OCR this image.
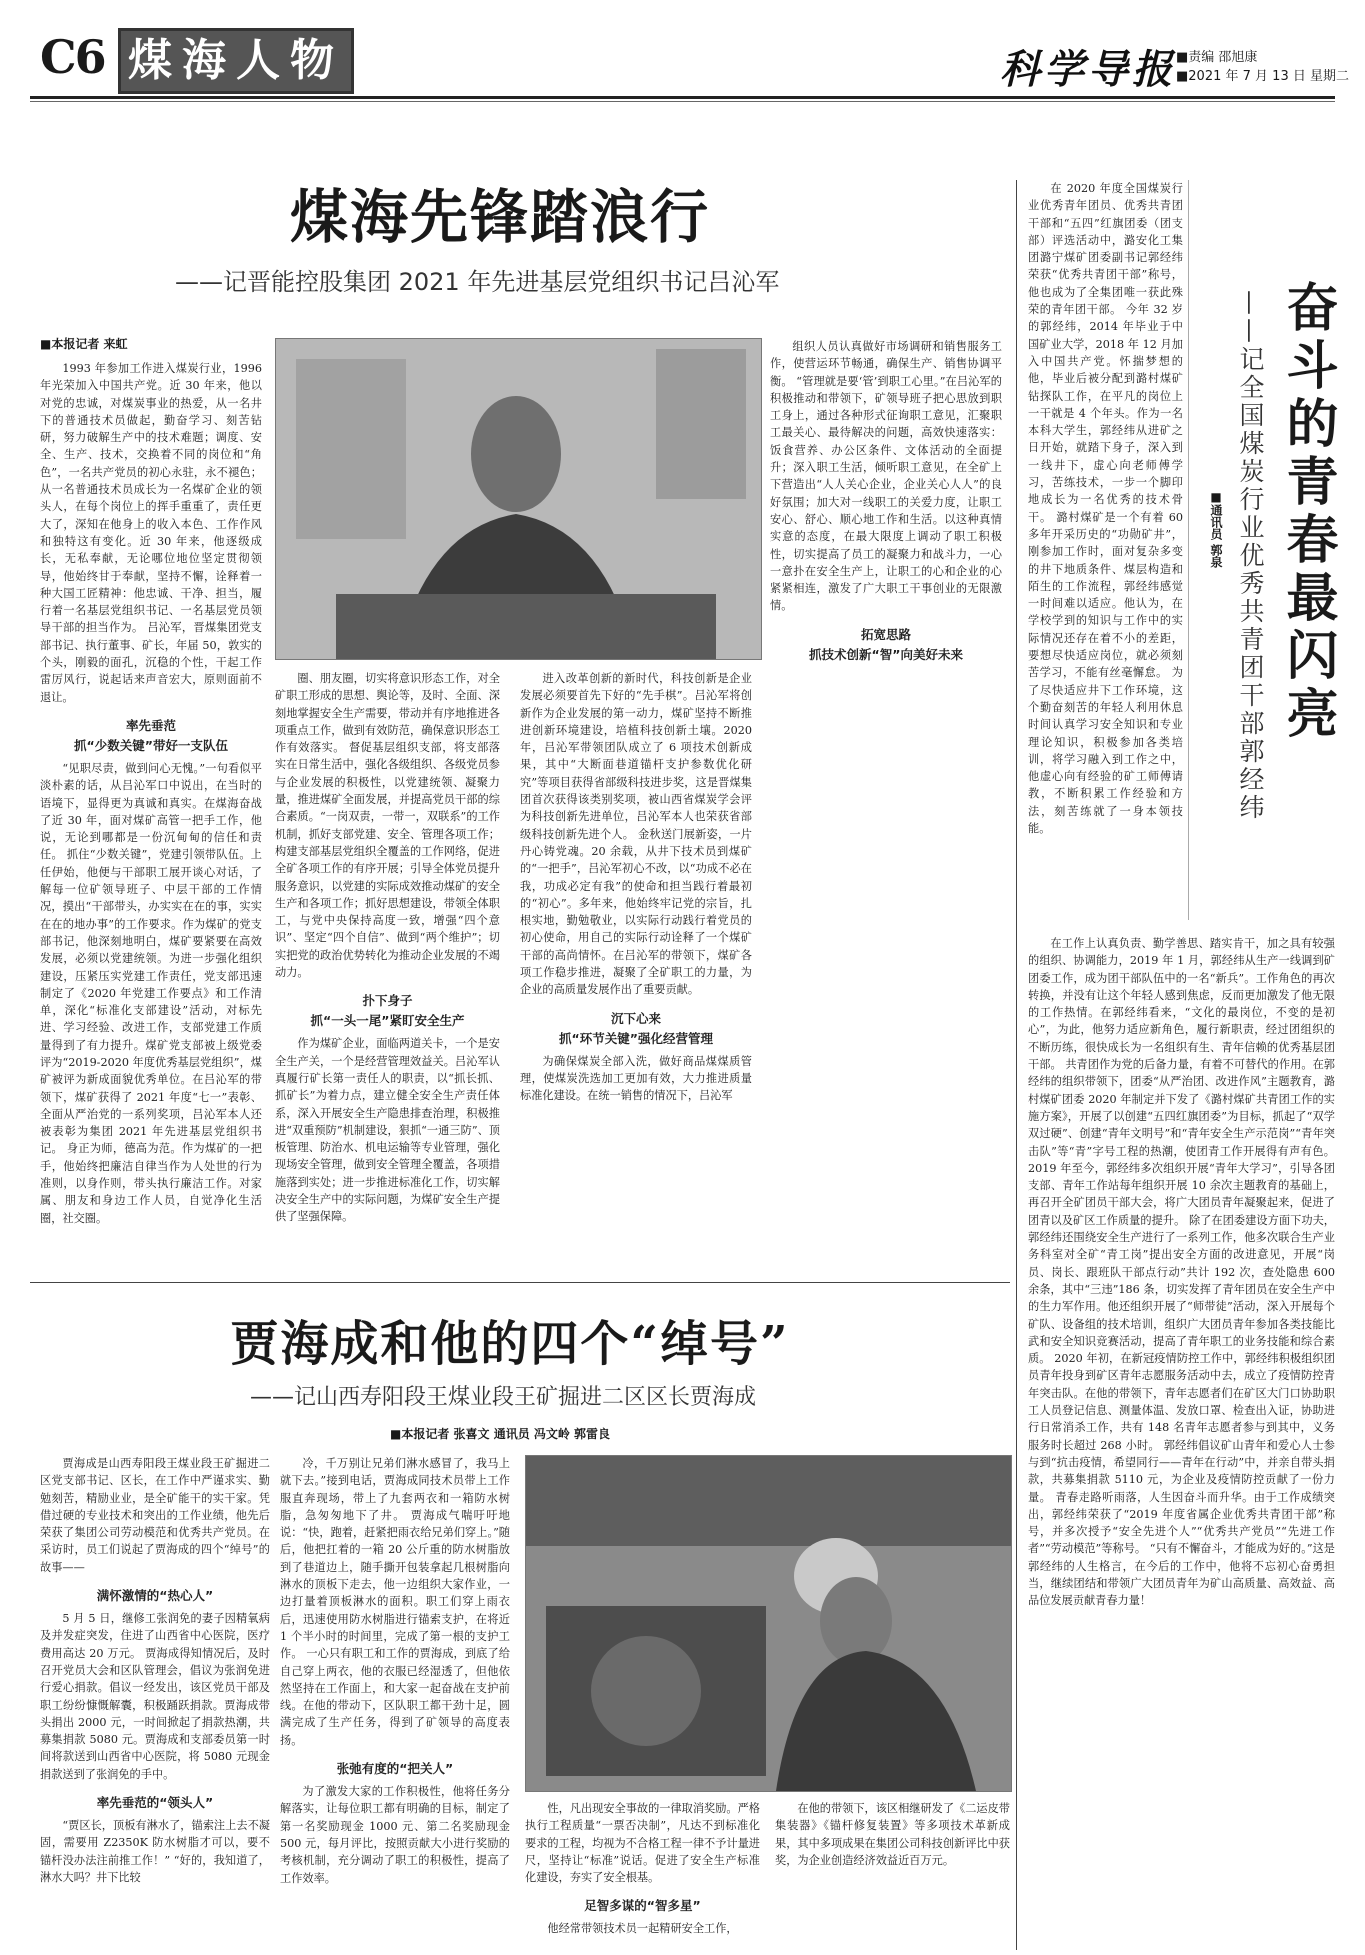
C6 煤海人物	科学导报 ■责编 邵旭康
■2021 年 7 月 13 日 星期二
煤海先锋踏浪行
——记晋能控股集团 2021 年先进基层党组织书记吕沁军
■本报记者 来虹

1993 年参加工作进入煤炭行业，1996 年光荣加入中国共产党。近 30 年来，他以对党的忠诚，对煤炭事业的热爱，从一名井下的普通技术员做起，勤奋学习、刻苦钻研，努力破解生产中的技术难题；调度、安全、生产、技术，交换着不同的岗位和“角色”，一名共产党员的初心永驻，永不褪色；从一名普通技术员成长为一名煤矿企业的领头人，在每个岗位上的挥手重重了，责任更大了，深知在他身上的收入本色、工作作风和独特这有变化。近 30 年来，他逐级成长，无私奉献，无论哪位地位坚定贯彻领导，他始终甘于奉献，坚持不懈，诠释着一种大国工匠精神：他忠诚、干净、担当，履行着一名基层党组织书记、一名基层党员领导干部的担当作为。 吕沁军，晋煤集团党支部书记、执行董事、矿长，年届 50，敦实的个头，刚毅的面孔，沉稳的个性，干起工作雷厉风行，说起话来声音宏大，原则面前不退让。

率先垂范
抓“少数关键”带好一支队伍

“见职尽责，做到问心无愧。”一句看似平淡朴素的话，从吕沁军口中说出，在当时的语境下，显得更为真诚和真实。在煤海奋战了近 30 年，面对煤矿高管一把手工作，他说，无论到哪都是一份沉甸甸的信任和责任。 抓住“少数关键”，党建引领带队伍。上任伊始，他便与干部职工展开谈心对话，了解每一位矿领导班子、中层干部的工作情况，摸出“干部带头，办实实在在的事，实实在在的地办事”的工作要求。作为煤矿的党支部书记，他深刻地明白，煤矿要紧要在高效发展，必须以党建统领。为进一步强化组织建设，压紧压实党建工作责任，党支部迅速制定了《2020 年党建工作要点》和工作清单，深化“标准化支部建设”活动，对标先进、学习经验、改进工作，支部党建工作质量得到了有力提升。煤矿党支部被上级党委评为“2019-2020 年度优秀基层党组织”，煤矿被评为新成面貌优秀单位。在吕沁军的带领下，煤矿获得了 2021 年度“七一”表彰、全面从严治党的一系列奖项，吕沁军本人还被表彰为集团 2021 年先进基层党组织书记。 身正为师，德高为范。作为煤矿的一把手，他始终把廉洁自律当作为人处世的行为准则，以身作则，带头执行廉洁工作。对家属、朋友和身边工作人员，自觉净化生活圈，社交圈。

圈、朋友圈，切实将意识形态工作，对全矿职工形成的思想、舆论等，及时、全面、深刻地掌握安全生产需要，带动并有序地推进各项重点工作，做到有效防范，确保意识形态工作有效落实。 督促基层组织支部，将支部落实在日常生活中，强化各级组织、各级党员参与企业发展的积极性，以党建统领、凝聚力量，推进煤矿全面发展，并提高党员干部的综合素质。“一岗双责，一带一，双联系”的工作机制，抓好支部党建、安全、管理各项工作；构建支部基层党组织全覆盖的工作网络，促进全矿各项工作的有序开展；引导全体党员提升服务意识，以党建的实际成效推动煤矿的安全生产和各项工作；抓好思想建设，带领全体职工，与党中央保持高度一致，增强“四个意识”、坚定“四个自信”、做到“两个维护”；切实把党的政治优势转化为推动企业发展的不竭动力。

扑下身子
抓“一头一尾”紧盯安全生产

作为煤矿企业，面临两道关卡，一个是安全生产关，一个是经营管理效益关。吕沁军认真履行矿长第一责任人的职责，以“抓长抓、抓矿长”为着力点，建立健全安全生产责任体系，深入开展安全生产隐患排查治理，积极推进“双重预防”机制建设，狠抓“一通三防”、顶板管理、防治水、机电运输等专业管理，强化现场安全管理，做到安全管理全覆盖，各项措施落到实处；进一步推进标准化工作，切实解决安全生产中的实际问题，为煤矿安全生产提供了坚强保障。

进入改革创新的新时代，科技创新是企业发展必须要首先下好的“先手棋”。吕沁军将创新作为企业发展的第一动力，煤矿坚持不断推进创新环境建设，培植科技创新土壤。2020 年，吕沁军带领团队成立了 6 项技术创新成果，其中“大断面巷道锚杆支护参数优化研究”等项目获得省部级科技进步奖，这是晋煤集团首次获得该类别奖项，被山西省煤炭学会评为科技创新先进单位，吕沁军本人也荣获省部级科技创新先进个人。 金秋送门展新姿，一片丹心铸党魂。20 余载，从井下技术员到煤矿的“一把手”，吕沁军初心不改，以“功成不必在我，功成必定有我”的使命和担当践行着最初的“初心”。多年来，他始终牢记党的宗旨，扎根实地，勤勉敬业，以实际行动践行着党员的初心使命，用自己的实际行动诠释了一个煤矿干部的高尚情怀。在吕沁军的带领下，煤矿各项工作稳步推进，凝聚了全矿职工的力量，为企业的高质量发展作出了重要贡献。

沉下心来
抓“环节关键”强化经营管理

为确保煤炭全部入洗，做好商品煤煤质管理，使煤炭洗选加工更加有效，大力推进质量标准化建设。在统一销售的情况下，吕沁军

组织人员认真做好市场调研和销售服务工作，使营运环节畅通，确保生产、销售协调平衡。 “管理就是要‘管’到职工心里。”在吕沁军的积极推动和带领下，矿领导班子把心思放到职工身上，通过各种形式征询职工意见，汇聚职工最关心、最待解决的问题，高效快速落实：饭食营养、办公区条件、文体活动的全面提升；深入职工生活，倾听职工意见，在全矿上下营造出“人人关心企业，企业关心人人”的良好氛围；加大对一线职工的关爱力度，让职工安心、舒心、顺心地工作和生活。以这种真情实意的态度，在最大限度上调动了职工积极性，切实提高了员工的凝聚力和战斗力，一心一意扑在安全生产上，让职工的心和企业的心紧紧相连，激发了广大职工干事创业的无限激情。

拓宽思路
抓技术创新“智”向美好未来
贾海成和他的四个“绰号”
——记山西寿阳段王煤业段王矿掘进二区区长贾海成
■本报记者 张喜文 通讯员 冯文岭 郭雷良

贾海成是山西寿阳段王煤业段王矿掘进二区党支部书记、区长，在工作中严谨求实、勤勉刻苦，精励业业，是全矿能干的实干家。凭借过硬的专业技术和突出的工作业绩，他先后荣获了集团公司劳动模范和优秀共产党员。在采访时，员工们说起了贾海成的四个“绰号”的故事——

满怀激情的“热心人”

5 月 5 日，继修工张润免的妻子因精氧病及并发症突发，住进了山西省中心医院，医疗费用高达 20 万元。 贾海成得知情况后，及时召开党员大会和区队管理会，倡议为张润免进行爱心捐款。倡议一经发出，该区党员干部及职工纷纷慷慨解囊，积极踊跃捐款。贾海成带头捐出 2000 元，一时间掀起了捐款热潮，共募集捐款 5080 元。贾海成和支部委员第一时间将款送到山西省中心医院，将 5080 元现金捐款送到了张润免的手中。

率先垂范的“领头人”

“贾区长，顶板有淋水了，锚索注上去不凝固，需要用 Z2350K 防水树脂才可以，要不锚杆没办法注前推工作！” “好的，我知道了，淋水大吗？井下比较

冷，千万别让兄弟们淋水感冒了，我马上就下去。”接到电话，贾海成同技术员带上工作服直奔现场，带上了九套两衣和一箱防水树脂，急匆匆地下了井。 贾海成气喘吁吁地说：“快，跑着，赶紧把雨衣给兄弟们穿上。”随后，他把扛着的一箱 20 公斤重的防水树脂放到了巷道边上，随手撕开包装拿起几根树脂向淋水的顶板下走去，他一边组织大家作业，一边打量着顶板淋水的面积。职工们穿上雨衣后，迅速使用防水树脂进行锚索支护，在将近 1 个半小时的时间里，完成了第一根的支护工作。 一心只有职工和工作的贾海成，到底了给自己穿上两衣，他的衣服已经湿透了，但他依然坚持在工作面上，和大家一起奋战在支护前线。在他的带动下，区队职工都干劲十足，圆满完成了生产任务，得到了矿领导的高度表扬。

张弛有度的“把关人”

为了激发大家的工作积极性，他将任务分解落实，让每位职工都有明确的目标，制定了第一名奖励现金 1000 元、第二名奖励现金 500 元，每月评比，按照贡献大小进行奖励的考核机制，充分调动了职工的积极性，提高了工作效率。

性，凡出现安全事故的一律取消奖励。严格执行工程质量“一票否决制”，凡达不到标准化要求的工程，均视为不合格工程一律不予计量进尺，坚持让“标准”说话。促进了安全生产标准化建设，夯实了安全根基。

足智多谋的“智多星”

他经常带领技术员一起精研安全工作，

在他的带领下，该区相继研发了《二运皮带集装器》《锚杆修复装置》等多项技术革新成果，其中多项成果在集团公司科技创新评比中获奖，为企业创造经济效益近百万元。

奋斗的青春最闪亮
——记全国煤炭行业优秀共青团干部郭经纬
■通讯员 郭泉

在 2020 年度全国煤炭行业优秀青年团员、优秀共青团干部和“五四”红旗团委（团支部）评选活动中，潞安化工集团潞宁煤矿团委副书记郭经纬荣获“优秀共青团干部”称号，他也成为了全集团唯一获此殊荣的青年团干部。 今年 32 岁的郭经纬，2014 年毕业于中国矿业大学，2018 年 12 月加入中国共产党。怀揣梦想的他，毕业后被分配到潞村煤矿钻探队工作，在平凡的岗位上一干就是 4 个年头。作为一名本科大学生，郭经纬从进矿之日开始，就踏下身子，深入到一线井下，虚心向老师傅学习，苦练技术，一步一个脚印地成长为一名优秀的技术骨干。 潞村煤矿是一个有着 60 多年开采历史的“功勋矿井”，刚参加工作时，面对复杂多变的井下地质条件、煤层构造和陌生的工作流程，郭经纬感觉一时间难以适应。他认为，在学校学到的知识与工作中的实际情况还存在着不小的差距，要想尽快适应岗位，就必须刻苦学习，不能有丝毫懈怠。 为了尽快适应井下工作环境，这个勤奋刻苦的年轻人利用休息时间认真学习安全知识和专业理论知识，积极参加各类培训，将学习融入到工作之中，他虚心向有经验的矿工师傅请教，不断积累工作经验和方法，刻苦练就了一身本领技能。

在工作上认真负责、勤学善思、踏实肯干，加之具有较强的组织、协调能力，2019 年 1 月，郭经纬从生产一线调到矿团委工作，成为团干部队伍中的一名“新兵”。工作角色的再次转换，并没有让这个年轻人感到焦虑，反而更加激发了他无限的工作热情。在郭经纬看来，“文化的最岗位，不变的是初心”，为此，他努力适应新角色，履行新职责，经过团组织的不断历练，很快成长为一名组织有生、青年信赖的优秀基层团干部。 共青团作为党的后备力量，有着不可替代的作用。在郭经纬的组织带领下，团委“从严治团、改进作风”主题教育，潞村煤矿团委 2020 年制定并下发了《潞村煤矿共青团工作的实施方案》，开展了以创建“五四红旗团委”为目标，抓起了“双学双过硬”、创建“青年文明号”和“青年安全生产示范岗”“青年突击队”等“青”字号工程的热潮，使团青工作开展得有声有色。 2019 年至今，郭经纬多次组织开展“青年大学习”，引导各团支部、青年工作站每年组织开展 10 余次主题教育的基础上，再召开全矿团员干部大会，将广大团员青年凝聚起来，促进了团青以及矿区工作质量的提升。 除了在团委建设方面下功夫，郭经纬还围绕安全生产进行了一系列工作，他多次联合生产业务科室对全矿“青工岗”提出安全方面的改进意见，开展“岗员、岗长、跟班队干部点行动”共计 192 次，查处隐患 600 余条，其中“三违”186 条，切实发挥了青年团员在安全生产中的生力军作用。他还组织开展了“师带徒”活动，深入开展每个矿队、设备组的技术培训，组织广大团员青年参加各类技能比武和安全知识竞赛活动，提高了青年职工的业务技能和综合素质。 2020 年初，在新冠疫情防控工作中，郭经纬积极组织团员青年投身到矿区青年志愿服务活动中去，成立了疫情防控青年突击队。在他的带领下，青年志愿者们在矿区大门口协助职工人员登记信息、测量体温、发放口罩、检查出入证，协助进行日常消杀工作，共有 148 名青年志愿者参与到其中，义务服务时长超过 268 小时。 郭经纬倡议矿山青年和爱心人士参与到“抗击疫情，希望同行——青年在行动”中，并亲自带头捐款，共募集捐款 5110 元，为企业及疫情防控贡献了一份力量。 青春走路听雨落，人生因奋斗而升华。由于工作成绩突出，郭经纬荣获了“2019 年度省属企业优秀共青团干部”称号，并多次授予“安全先进个人”“优秀共产党员”“先进工作者”“劳动模范”等称号。 “只有不懈奋斗，才能成为好的。”这是郭经纬的人生格言，在今后的工作中，他将不忘初心奋勇担当，继续团结和带领广大团员青年为矿山高质量、高效益、高品位发展贡献青春力量！
